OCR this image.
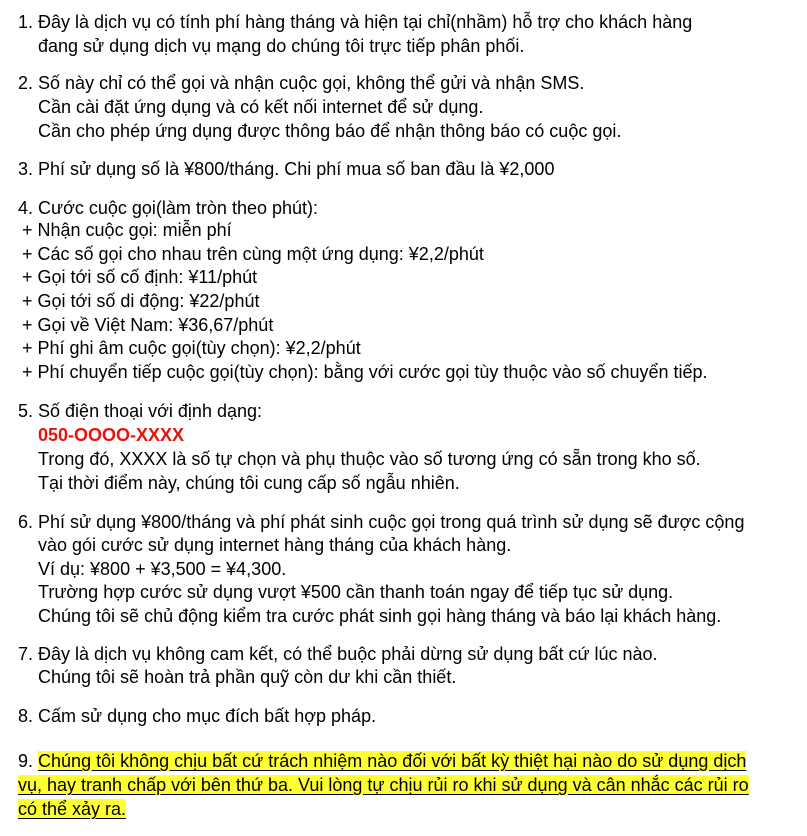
1. Đây là dịch vụ có tính phí hàng tháng và hiện tại chỉ(nhầm) hỗ trợ cho khách hàng
đang sử dụng dịch vụ mạng do chúng tôi trực tiếp phân phối.
2. Số này chỉ có thể gọi và nhận cuộc gọi, không thể gửi và nhận SMS.
Cần cài đặt ứng dụng và có kết nối internet để sử dụng.
Cần cho phép ứng dụng được thông báo để nhận thông báo có cuộc gọi.
3. Phí sử dụng số là ¥800/tháng. Chi phí mua số ban đầu là ¥2,000
4. Cước cuộc gọi(làm tròn theo phút):
+ Nhận cuộc gọi: miễn phí
+ Các số gọi cho nhau trên cùng một ứng dụng: ¥2,2/phút
+ Gọi tới số cố định: ¥11/phút
+ Gọi tới số di động: ¥22/phút
+ Gọi về Việt Nam: ¥36,67/phút
+ Phí ghi âm cuộc gọi(tùy chọn): ¥2,2/phút
+ Phí chuyển tiếp cuộc gọi(tùy chọn): bằng với cước gọi tùy thuộc vào số chuyển tiếp.
5. Số điện thoại với định dạng:
050-OOOO-XXXX
Trong đó, XXXX là số tự chọn và phụ thuộc vào số tương ứng có sẵn trong kho số.
Tại thời điểm này, chúng tôi cung cấp số ngẫu nhiên.
6. Phí sử dụng ¥800/tháng và phí phát sinh cuộc gọi trong quá trình sử dụng sẽ được cộng
vào gói cước sử dụng internet hàng tháng của khách hàng.
Ví dụ: ¥800 + ¥3,500 = ¥4,300.
Trường hợp cước sử dụng vượt ¥500 cần thanh toán ngay để tiếp tục sử dụng.
Chúng tôi sẽ chủ động kiểm tra cước phát sinh gọi hàng tháng và báo lại khách hàng.
7. Đây là dịch vụ không cam kết, có thể buộc phải dừng sử dụng bất cứ lúc nào.
Chúng tôi sẽ hoàn trả phần quỹ còn dư khi cần thiết.
8. Cấm sử dụng cho mục đích bất hợp pháp.
9. Chúng tôi không chịu bất cứ trách nhiệm nào đối với bất kỳ thiệt hại nào do sử dụng dịch
vụ, hay tranh chấp với bên thứ ba. Vui lòng tự chịu rủi ro khi sử dụng và cân nhắc các rủi ro
có thể xảy ra.
